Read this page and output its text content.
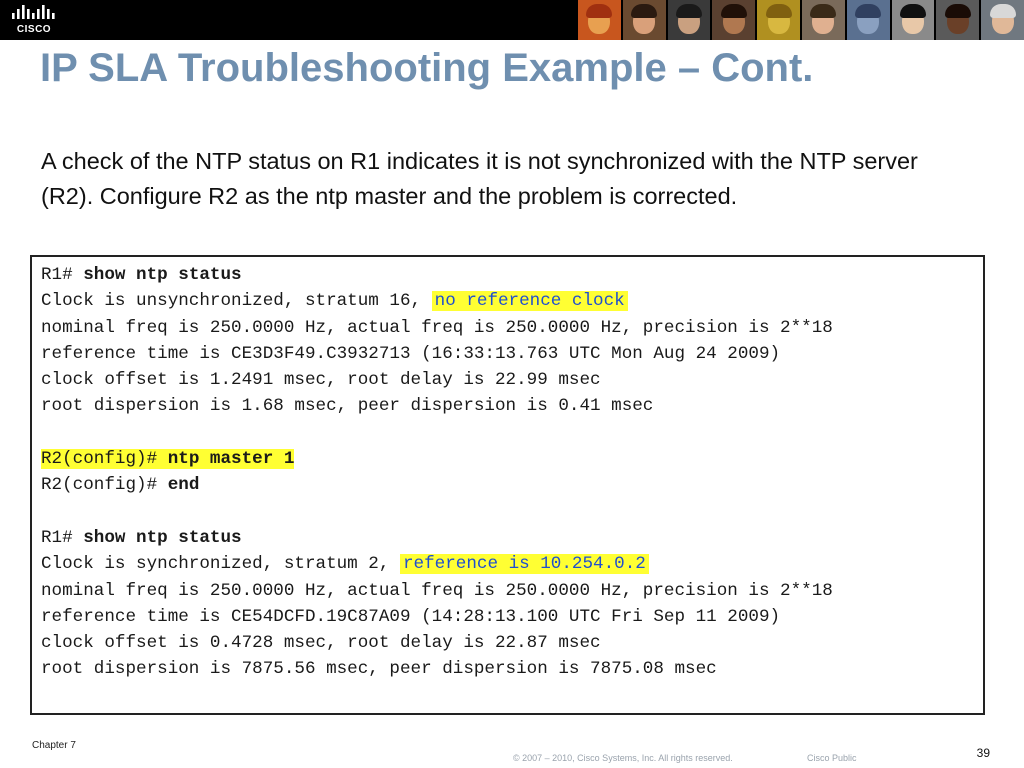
CISCO
IP SLA Troubleshooting Example – Cont.

A check of the NTP status on R1 indicates it is not synchronized with the NTP server (R2). Configure R2 as the ntp master and the problem is corrected.

R1# show ntp status
Clock is unsynchronized, stratum 16, no reference clock
nominal freq is 250.0000 Hz, actual freq is 250.0000 Hz, precision is 2**18
reference time is CE3D3F49.C3932713 (16:33:13.763 UTC Mon Aug 24 2009)
clock offset is 1.2491 msec, root delay is 22.99 msec
root dispersion is 1.68 msec, peer dispersion is 0.41 msec
R2(config)# ntp master 1
R2(config)# end
R1# show ntp status
Clock is synchronized, stratum 2, reference is 10.254.0.2
nominal freq is 250.0000 Hz, actual freq is 250.0000 Hz, precision is 2**18
reference time is CE54DCFD.19C87A09 (14:28:13.100 UTC Fri Sep 11 2009)
clock offset is 0.4728 msec, root delay is 22.87 msec
root dispersion is 7875.56 msec, peer dispersion is 7875.08 msec
Chapter 7
© 2007 – 2010, Cisco Systems, Inc. All rights reserved.	Cisco Public	39
